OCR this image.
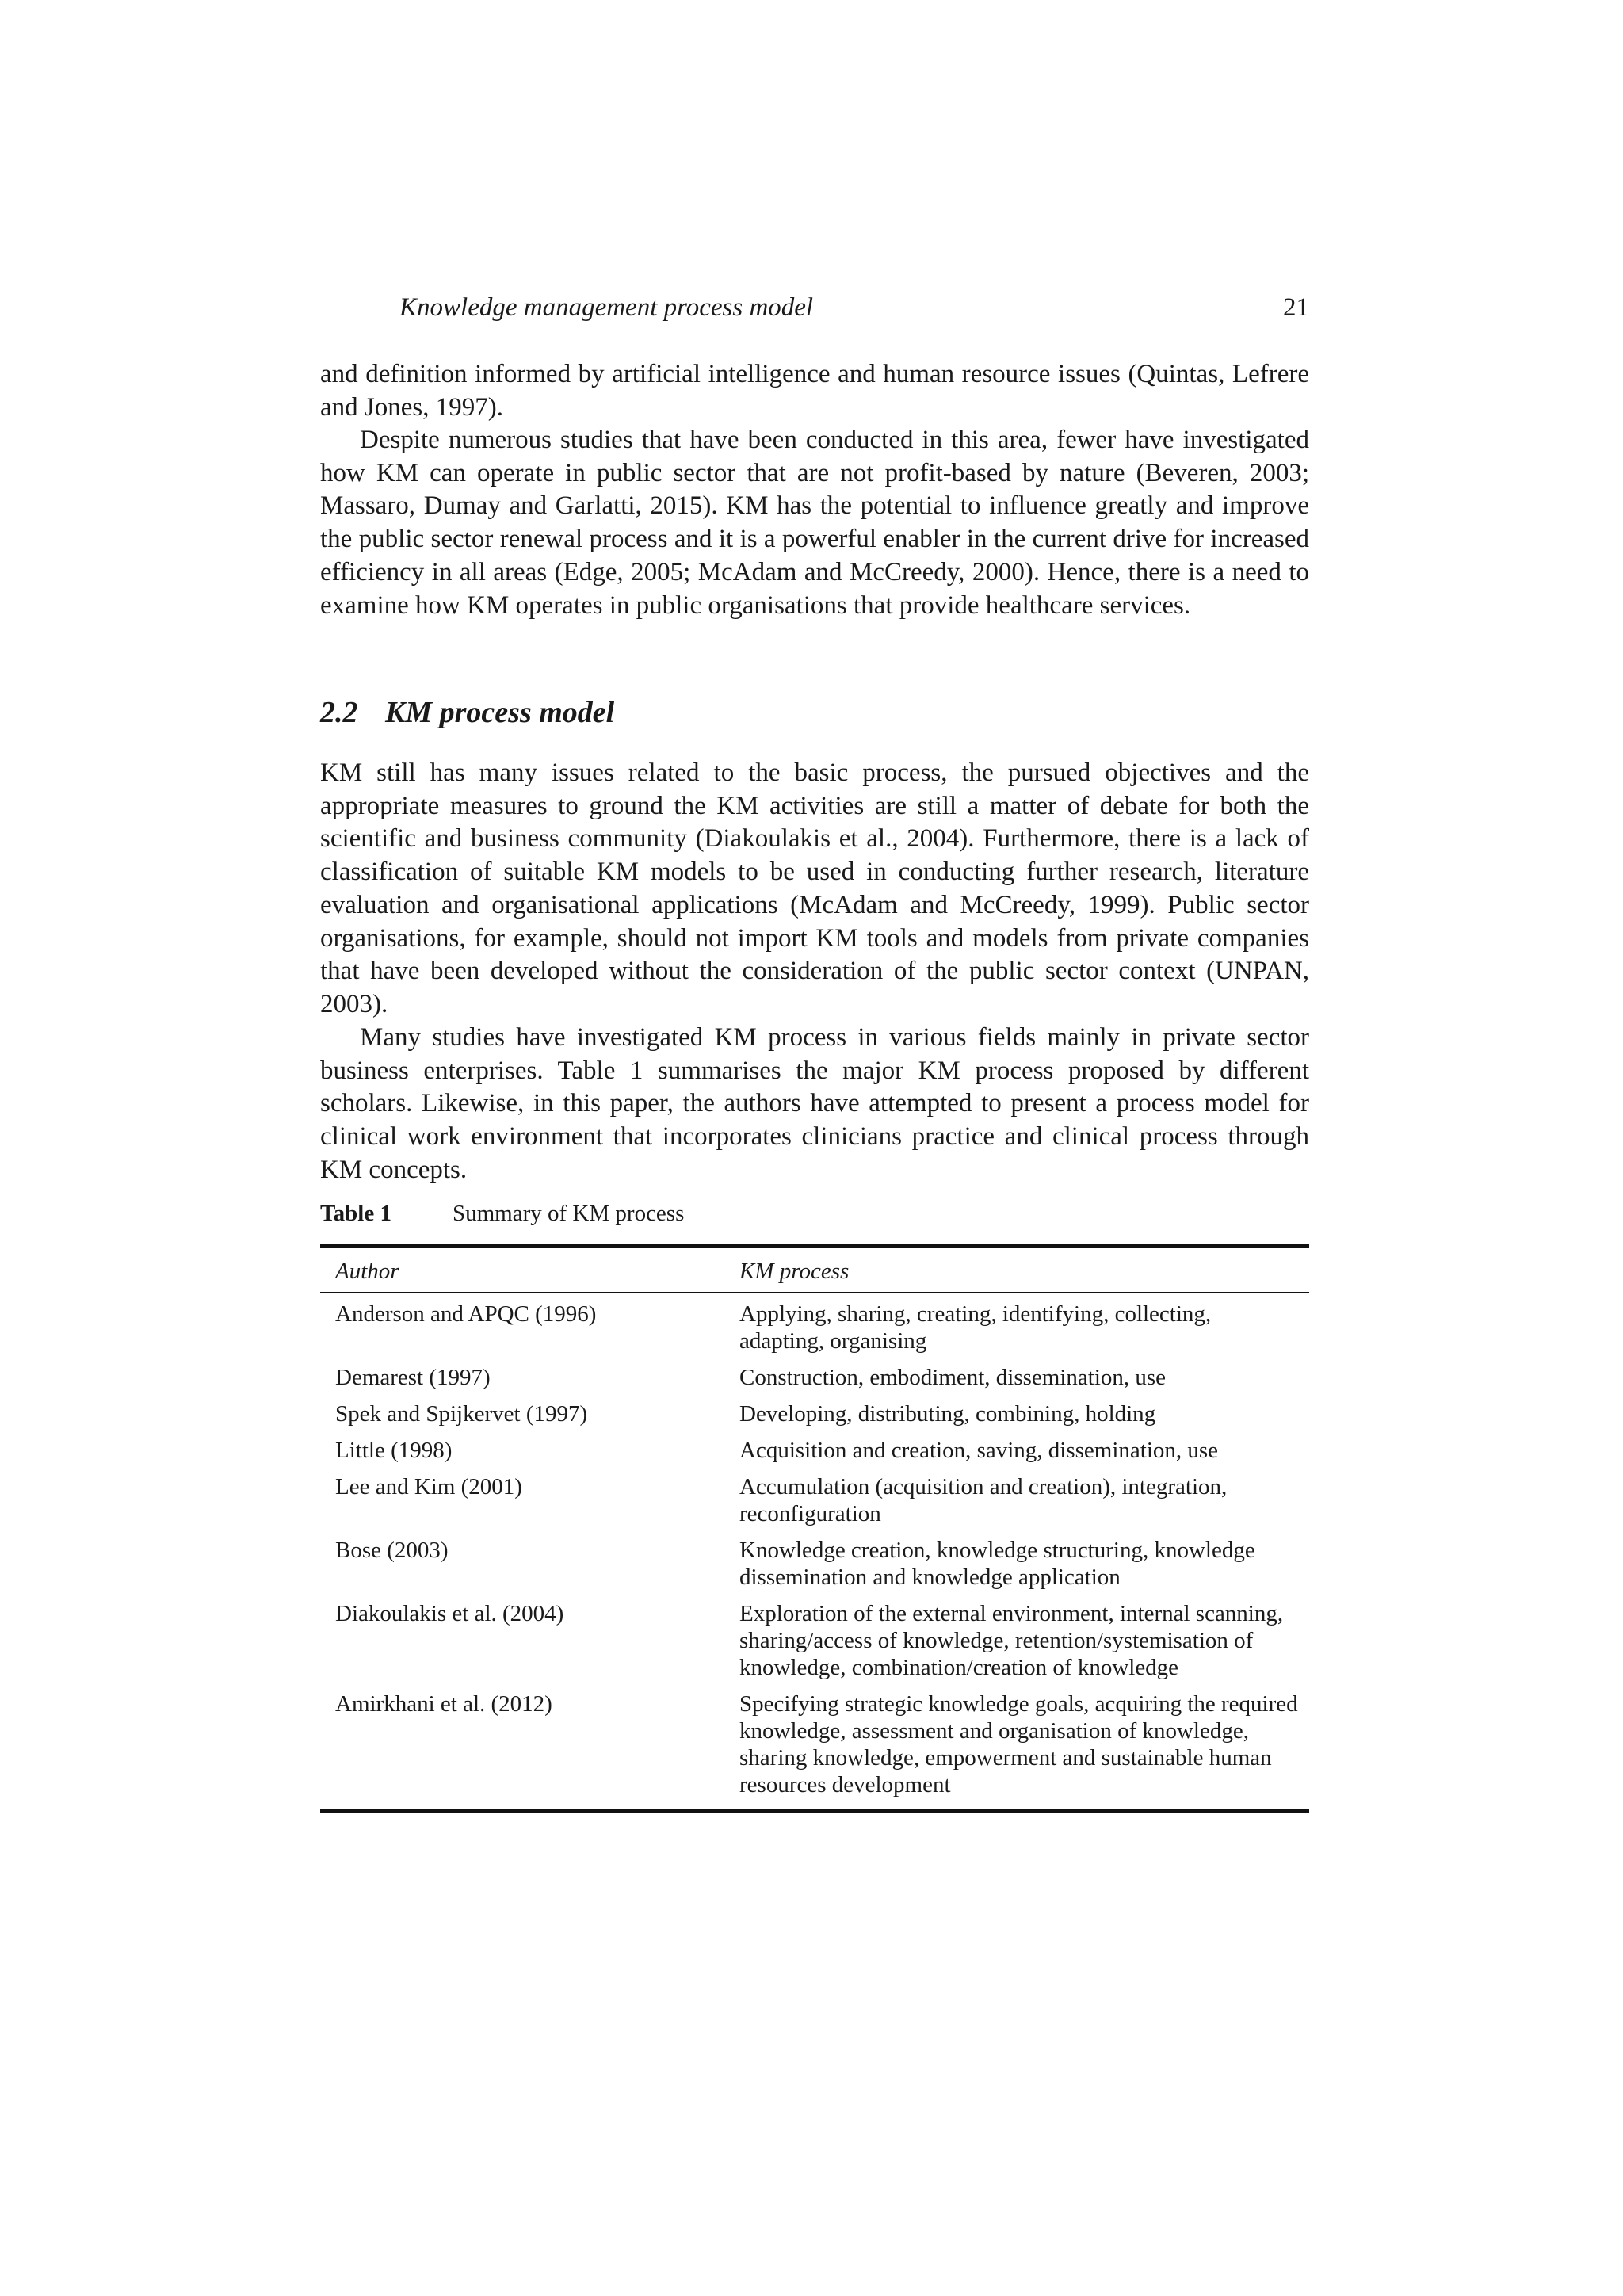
Knowledge management process model	21

and definition informed by artificial intelligence and human resource issues (Quintas, Lefrere and Jones, 1997).

Despite numerous studies that have been conducted in this area, fewer have investigated how KM can operate in public sector that are not profit-based by nature (Beveren, 2003; Massaro, Dumay and Garlatti, 2015). KM has the potential to influence greatly and improve the public sector renewal process and it is a powerful enabler in the current drive for increased efficiency in all areas (Edge, 2005; McAdam and McCreedy, 2000). Hence, there is a need to examine how KM operates in public organisations that provide healthcare services.

2.2 KM process model

KM still has many issues related to the basic process, the pursued objectives and the appropriate measures to ground the KM activities are still a matter of debate for both the scientific and business community (Diakoulakis et al., 2004). Furthermore, there is a lack of classification of suitable KM models to be used in conducting further research, literature evaluation and organisational applications (McAdam and McCreedy, 1999). Public sector organisations, for example, should not import KM tools and models from private companies that have been developed without the consideration of the public sector context (UNPAN, 2003).

Many studies have investigated KM process in various fields mainly in private sector business enterprises. Table 1 summarises the major KM process proposed by different scholars. Likewise, in this paper, the authors have attempted to present a process model for clinical work environment that incorporates clinicians practice and clinical process through KM concepts.

Table 1	Summary of KM process
Author	KM process
Anderson and APQC (1996)	Applying, sharing, creating, identifying, collecting, adapting, organising
Demarest (1997)	Construction, embodiment, dissemination, use
Spek and Spijkervet (1997)	Developing, distributing, combining, holding
Little (1998)	Acquisition and creation, saving, dissemination, use
Lee and Kim (2001)	Accumulation (acquisition and creation), integration, reconfiguration
Bose (2003)	Knowledge creation, knowledge structuring, knowledge dissemination and knowledge application
Diakoulakis et al. (2004)	Exploration of the external environment, internal scanning, sharing/access of knowledge, retention/systemisation of knowledge, combination/creation of knowledge
Amirkhani et al. (2012)	Specifying strategic knowledge goals, acquiring the required knowledge, assessment and organisation of knowledge, sharing knowledge, empowerment and sustainable human resources development
